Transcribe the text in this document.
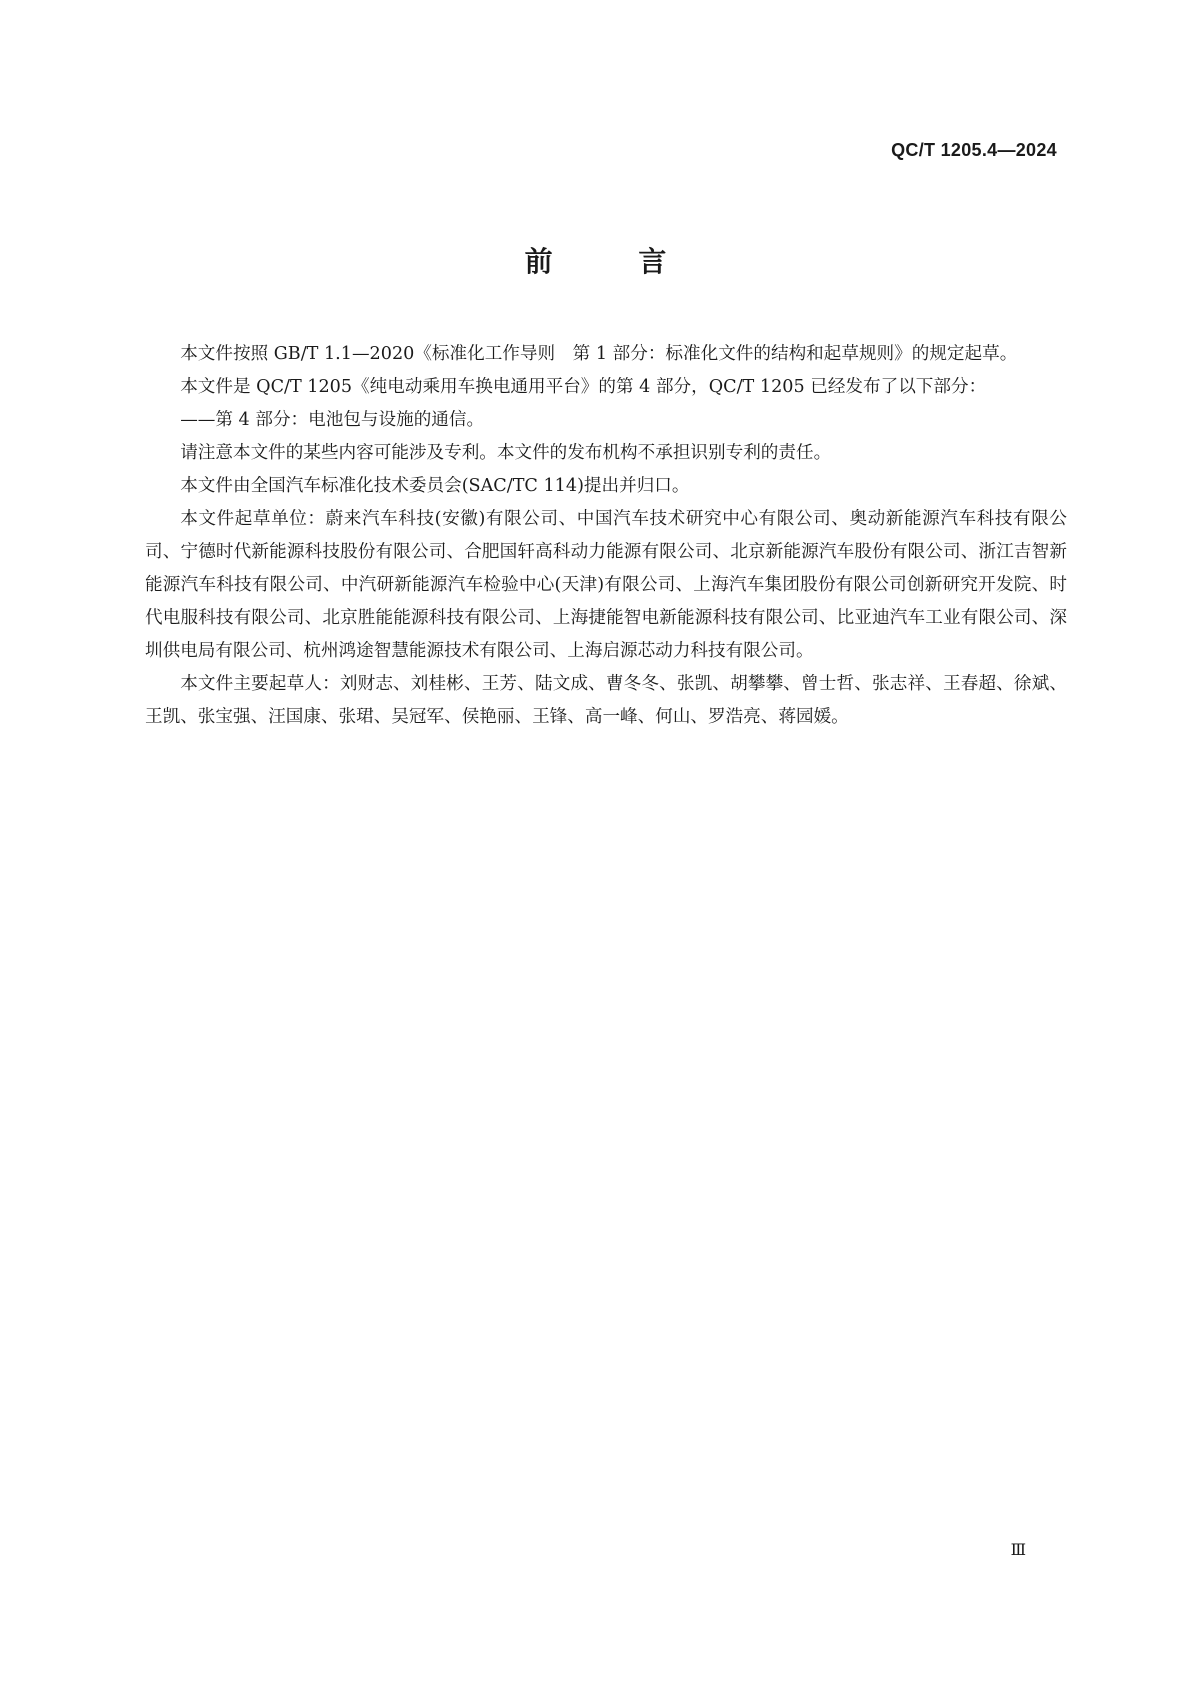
QC/T 1205.4—2024
前 言

本文件按照 GB/T 1.1—2020《标准化工作导则　第 1 部分：标准化文件的结构和起草规则》的规定起草。

本文件是 QC/T 1205《纯电动乘用车换电通用平台》的第 4 部分，QC/T 1205 已经发布了以下部分：

——第 4 部分：电池包与设施的通信。

请注意本文件的某些内容可能涉及专利。本文件的发布机构不承担识别专利的责任。

本文件由全国汽车标准化技术委员会(SAC/TC 114)提出并归口。

本文件起草单位：蔚来汽车科技(安徽)有限公司、中国汽车技术研究中心有限公司、奥动新能源汽车科技有限公司、宁德时代新能源科技股份有限公司、合肥国轩高科动力能源有限公司、北京新能源汽车股份有限公司、浙江吉智新能源汽车科技有限公司、中汽研新能源汽车检验中心(天津)有限公司、上海汽车集团股份有限公司创新研究开发院、时代电服科技有限公司、北京胜能能源科技有限公司、上海捷能智电新能源科技有限公司、比亚迪汽车工业有限公司、深圳供电局有限公司、杭州鸿途智慧能源技术有限公司、上海启源芯动力科技有限公司。

本文件主要起草人：刘财志、刘桂彬、王芳、陆文成、曹冬冬、张凯、胡攀攀、曾士哲、张志祥、王春超、徐斌、王凯、张宝强、汪国康、张珺、吴冠军、侯艳丽、王锋、高一峰、何山、罗浩亮、蒋园媛。

Ⅲ
